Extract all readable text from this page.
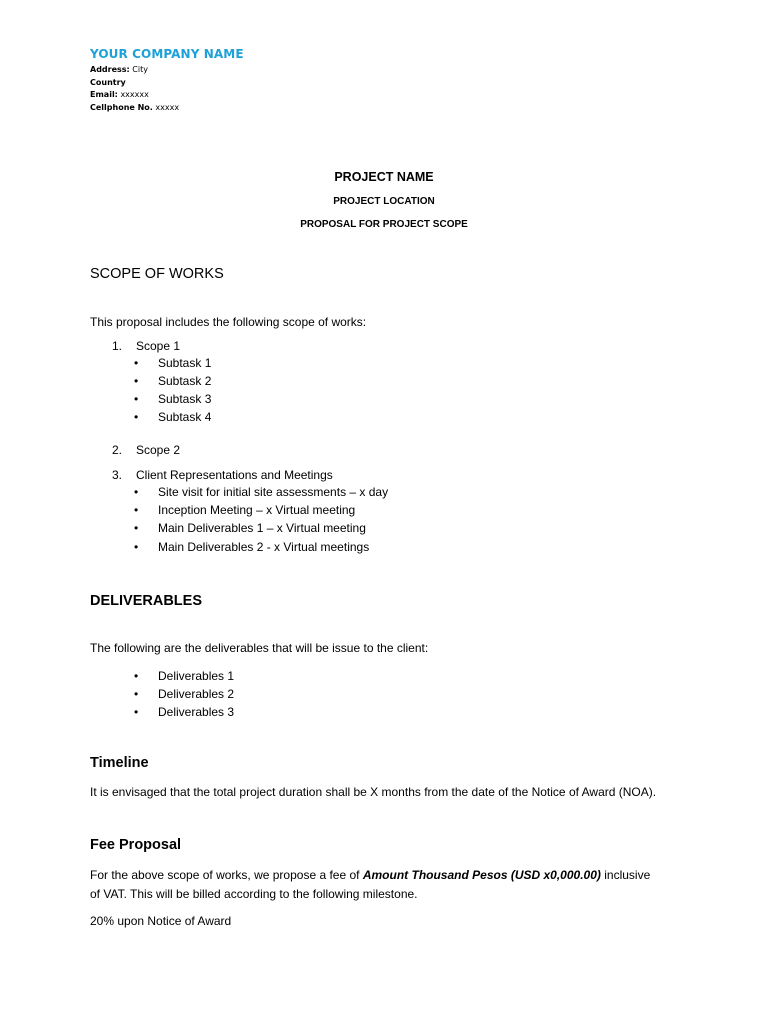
YOUR COMPANY NAME
Address: City
Country
Email: xxxxxx
Cellphone No. xxxxx
PROJECT NAME
PROJECT LOCATION
PROPOSAL FOR PROJECT SCOPE
SCOPE OF WORKS
This proposal includes the following scope of works:
1. Scope 1
• Subtask 1
• Subtask 2
• Subtask 3
• Subtask 4
2. Scope 2
3. Client Representations and Meetings
• Site visit for initial site assessments – x day
• Inception Meeting – x Virtual meeting
• Main Deliverables 1 – x Virtual meeting
• Main Deliverables 2 - x Virtual meetings
DELIVERABLES
The following are the deliverables that will be issue to the client:
• Deliverables 1
• Deliverables 2
• Deliverables 3
Timeline
It is envisaged that the total project duration shall be X months from the date of the Notice of Award (NOA).
Fee Proposal
For the above scope of works, we propose a fee of Amount Thousand Pesos (USD x0,000.00) inclusive
of VAT. This will be billed according to the following milestone.
20% upon Notice of Award
